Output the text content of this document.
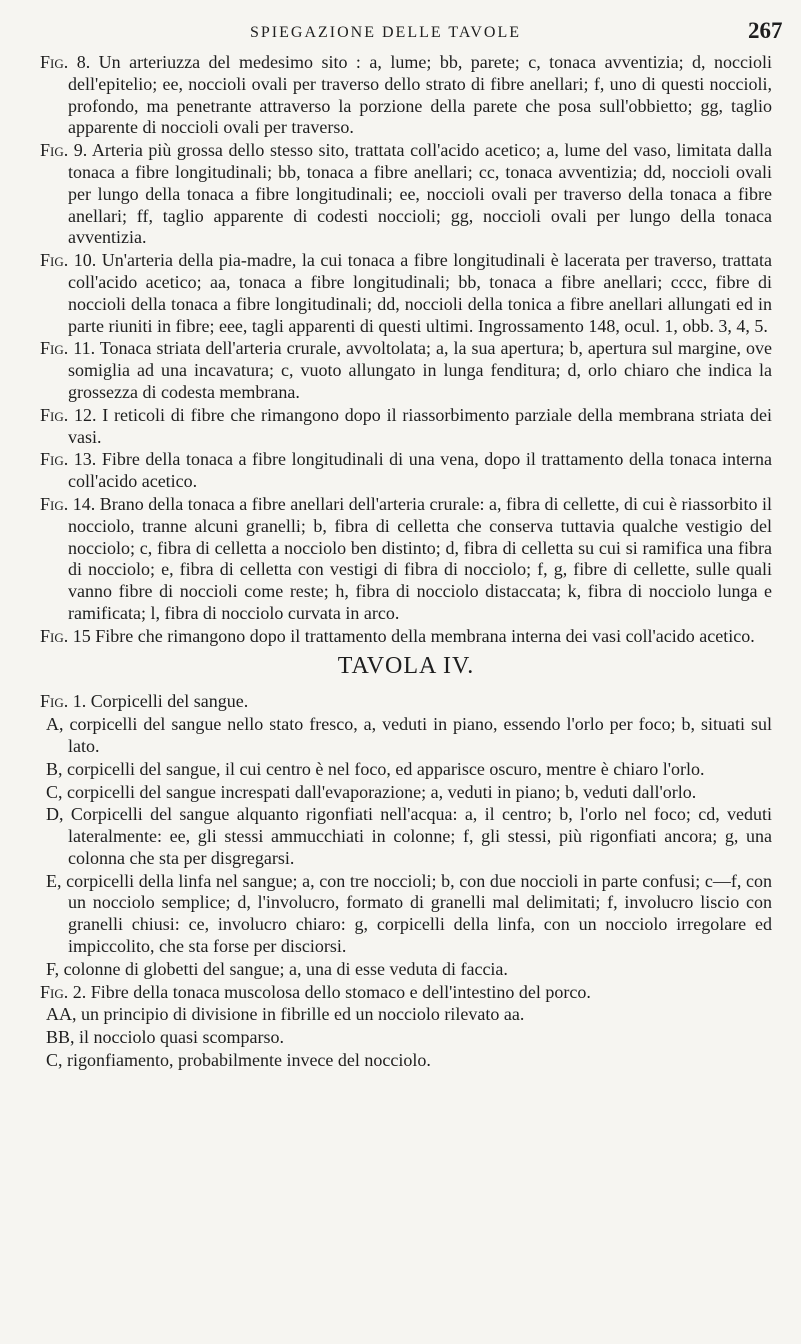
SPIEGAZIONE DELLE TAVOLE	267

Fig. 8. Un arteriuzza del medesimo sito : a, lume; bb, parete; c, tonaca avventizia; d, noccioli dell'epitelio; ee, noccioli ovali per traverso dello strato di fibre anellari; f, uno di questi noccioli, profondo, ma penetrante attraverso la porzione della parete che posa sull'obbietto; gg, taglio apparente di noccioli ovali per traverso.

Fig. 9. Arteria più grossa dello stesso sito, trattata coll'acido acetico; a, lume del vaso, limitata dalla tonaca a fibre longitudinali; bb, tonaca a fibre anellari; cc, tonaca avventizia; dd, noccioli ovali per lungo della tonaca a fibre longitudinali; ee, noccioli ovali per traverso della tonaca a fibre anellari; ff, taglio apparente di codesti noccioli; gg, noccioli ovali per lungo della tonaca avventizia.

Fig. 10. Un'arteria della pia-madre, la cui tonaca a fibre longitudinali è lacerata per traverso, trattata coll'acido acetico; aa, tonaca a fibre longitudinali; bb, tonaca a fibre anellari; cccc, fibre di noccioli della tonaca a fibre longitudinali; dd, noccioli della tonica a fibre anellari allungati ed in parte riuniti in fibre; eee, tagli apparenti di questi ultimi. Ingrossamento 148, ocul. 1, obb. 3, 4, 5.

Fig. 11. Tonaca striata dell'arteria crurale, avvoltolata; a, la sua apertura; b, apertura sul margine, ove somiglia ad una incavatura; c, vuoto allungato in lunga fenditura; d, orlo chiaro che indica la grossezza di codesta membrana.

Fig. 12. I reticoli di fibre che rimangono dopo il riassorbimento parziale della membrana striata dei vasi.

Fig. 13. Fibre della tonaca a fibre longitudinali di una vena, dopo il trattamento della tonaca interna coll'acido acetico.

Fig. 14. Brano della tonaca a fibre anellari dell'arteria crurale: a, fibra di cellette, di cui è riassorbito il nocciolo, tranne alcuni granelli; b, fibra di celletta che conserva tuttavia qualche vestigio del nocciolo; c, fibra di celletta a nocciolo ben distinto; d, fibra di celletta su cui si ramifica una fibra di nocciolo; e, fibra di celletta con vestigi di fibra di nocciolo; f, g, fibre di cellette, sulle quali vanno fibre di noccioli come reste; h, fibra di nocciolo distaccata; k, fibra di nocciolo lunga e ramificata; l, fibra di nocciolo curvata in arco.

Fig. 15 Fibre che rimangono dopo il trattamento della membrana interna dei vasi coll'acido acetico.

TAVOLA IV.

Fig. 1. Corpicelli del sangue.

A, corpicelli del sangue nello stato fresco, a, veduti in piano, essendo l'orlo per foco; b, situati sul lato.

B, corpicelli del sangue, il cui centro è nel foco, ed apparisce oscuro, mentre è chiaro l'orlo.

C, corpicelli del sangue increspati dall'evaporazione; a, veduti in piano; b, veduti dall'orlo.

D, Corpicelli del sangue alquanto rigonfiati nell'acqua: a, il centro; b, l'orlo nel foco; cd, veduti lateralmente: ee, gli stessi ammucchiati in colonne; f, gli stessi, più rigonfiati ancora; g, una colonna che sta per disgregarsi.

E, corpicelli della linfa nel sangue; a, con tre noccioli; b, con due noccioli in parte confusi; c—f, con un nocciolo semplice; d, l'involucro, formato di granelli mal delimitati; f, involucro liscio con granelli chiusi: ce, involucro chiaro: g, corpicelli della linfa, con un nocciolo irregolare ed impiccolito, che sta forse per disciorsi.

F, colonne di globetti del sangue; a, una di esse veduta di faccia.

Fig. 2. Fibre della tonaca muscolosa dello stomaco e dell'intestino del porco.

AA, un principio di divisione in fibrille ed un nocciolo rilevato aa.

BB, il nocciolo quasi scomparso.

C, rigonfiamento, probabilmente invece del nocciolo.
